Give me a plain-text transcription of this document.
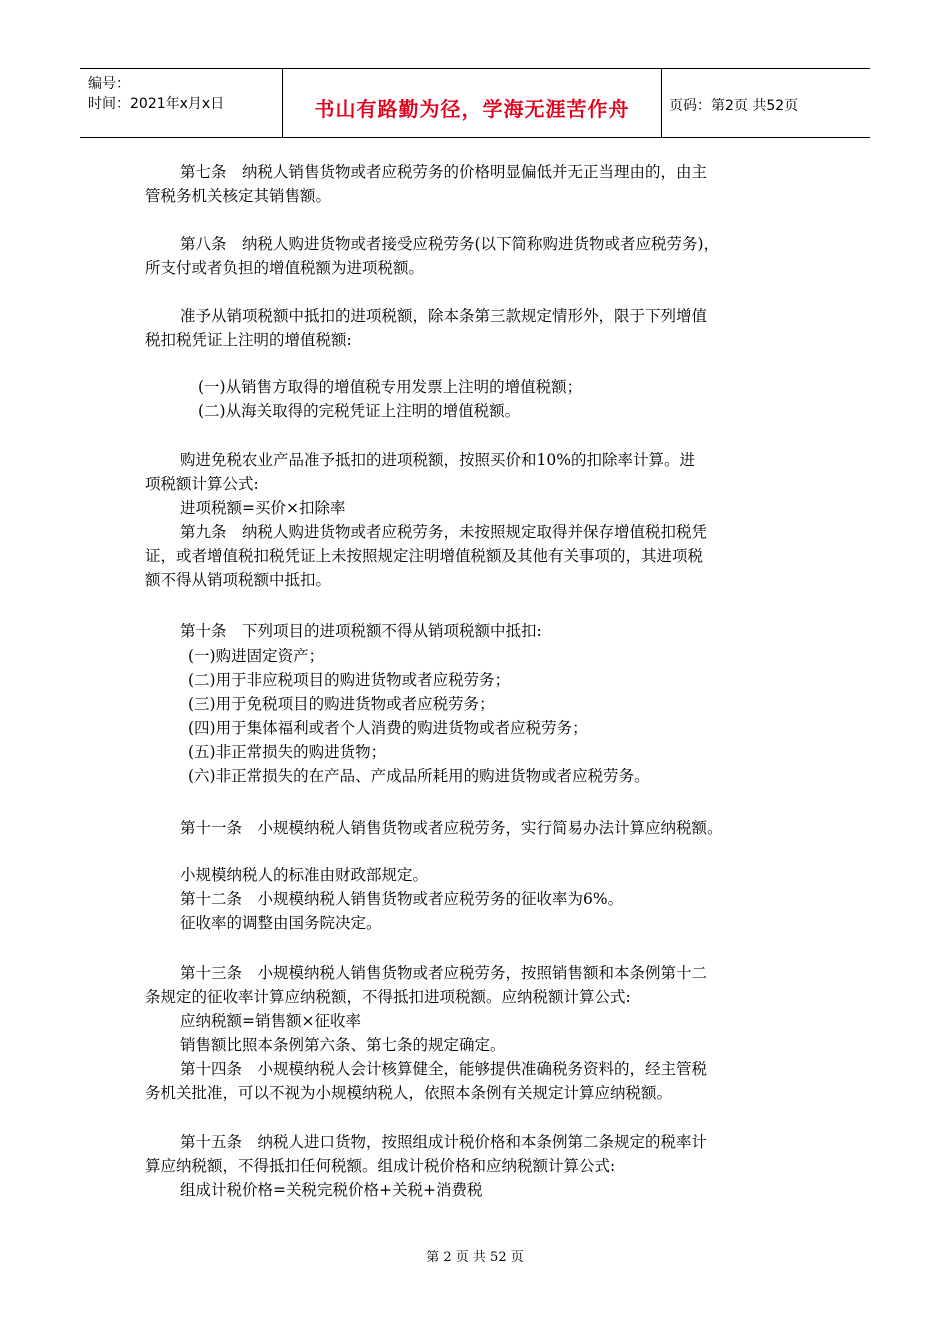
编号：
时间：2021年x月x日	书山有路勤为径，学海无涯苦作舟	页码：第2页 共52页
第七条　纳税人销售货物或者应税劳务的价格明显偏低并无正当理由的，由主
管税务机关核定其销售额。
第八条　纳税人购进货物或者接受应税劳务(以下简称购进货物或者应税劳务)，
所支付或者负担的增值税额为进项税额。
准予从销项税额中抵扣的进项税额，除本条第三款规定情形外，限于下列增值
税扣税凭证上注明的增值税额:
(一)从销售方取得的增值税专用发票上注明的增值税额；
(二)从海关取得的完税凭证上注明的增值税额。
购进免税农业产品准予抵扣的进项税额，按照买价和10%的扣除率计算。进
项税额计算公式:
进项税额=买价×扣除率
第九条　纳税人购进货物或者应税劳务，未按照规定取得并保存增值税扣税凭
证，或者增值税扣税凭证上未按照规定注明增值税额及其他有关事项的，其进项税
额不得从销项税额中抵扣。
第十条　下列项目的进项税额不得从销项税额中抵扣:
(一)购进固定资产；
(二)用于非应税项目的购进货物或者应税劳务；
(三)用于免税项目的购进货物或者应税劳务；
(四)用于集体福利或者个人消费的购进货物或者应税劳务；
(五)非正常损失的购进货物；
(六)非正常损失的在产品、产成品所耗用的购进货物或者应税劳务。
第十一条　小规模纳税人销售货物或者应税劳务，实行简易办法计算应纳税额。
小规模纳税人的标准由财政部规定。
第十二条　小规模纳税人销售货物或者应税劳务的征收率为6%。
征收率的调整由国务院决定。
第十三条　小规模纳税人销售货物或者应税劳务，按照销售额和本条例第十二
条规定的征收率计算应纳税额，不得抵扣进项税额。应纳税额计算公式:
应纳税额=销售额×征收率
销售额比照本条例第六条、第七条的规定确定。
第十四条　小规模纳税人会计核算健全，能够提供准确税务资料的，经主管税
务机关批准，可以不视为小规模纳税人，依照本条例有关规定计算应纳税额。
第十五条　纳税人进口货物，按照组成计税价格和本条例第二条规定的税率计
算应纳税额，不得抵扣任何税额。组成计税价格和应纳税额计算公式:
组成计税价格=关税完税价格+关税+消费税
第 2 页 共 52 页
